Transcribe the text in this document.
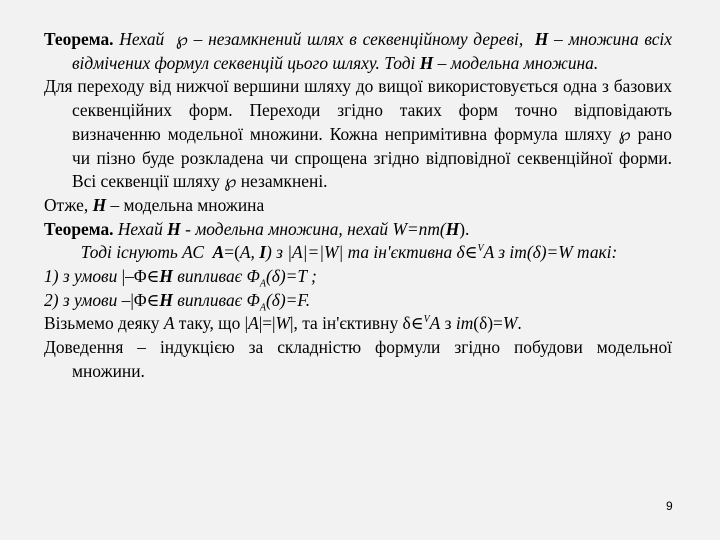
Теорема. Нехай ℘ – незамкнений шлях в секвенційному дереві, H – множина всіх відмічених формул секвенцій цього шляху. Тоді H – модельна множина.

Для переходу від нижчої вершини шляху до вищої використовується одна з базових секвенційних форм. Переходи згідно таких форм точно відповідають визначенню модельної множини. Кожна непримітивна формула шляху ℘ рано чи пізно буде розкладена чи спрощена згідно відповідної секвенційної форми. Всі секвенції шляху ℘ незамкнені.

Отже, H – модельна множина

Теорема. Нехай H - модельна множина, нехай W=nm(H).
Тоді існують АС A=(A, I) з |A|=|W| та ін'єктивна δ∈$^V$A з im(δ)=W такі:

1) з умови |–Φ∈H випливає $\Phi_A(\delta)=T$ ;

2) з умови –|Φ∈H випливає $\Phi_A(\delta)=F$.

Візьмемо деяку A таку, що |A|=|W|, та ін'єктивну δ∈$^V$A з im(δ)=W.

Доведення – індукцією за складністю формули згідно побудови модельної множини.

9
